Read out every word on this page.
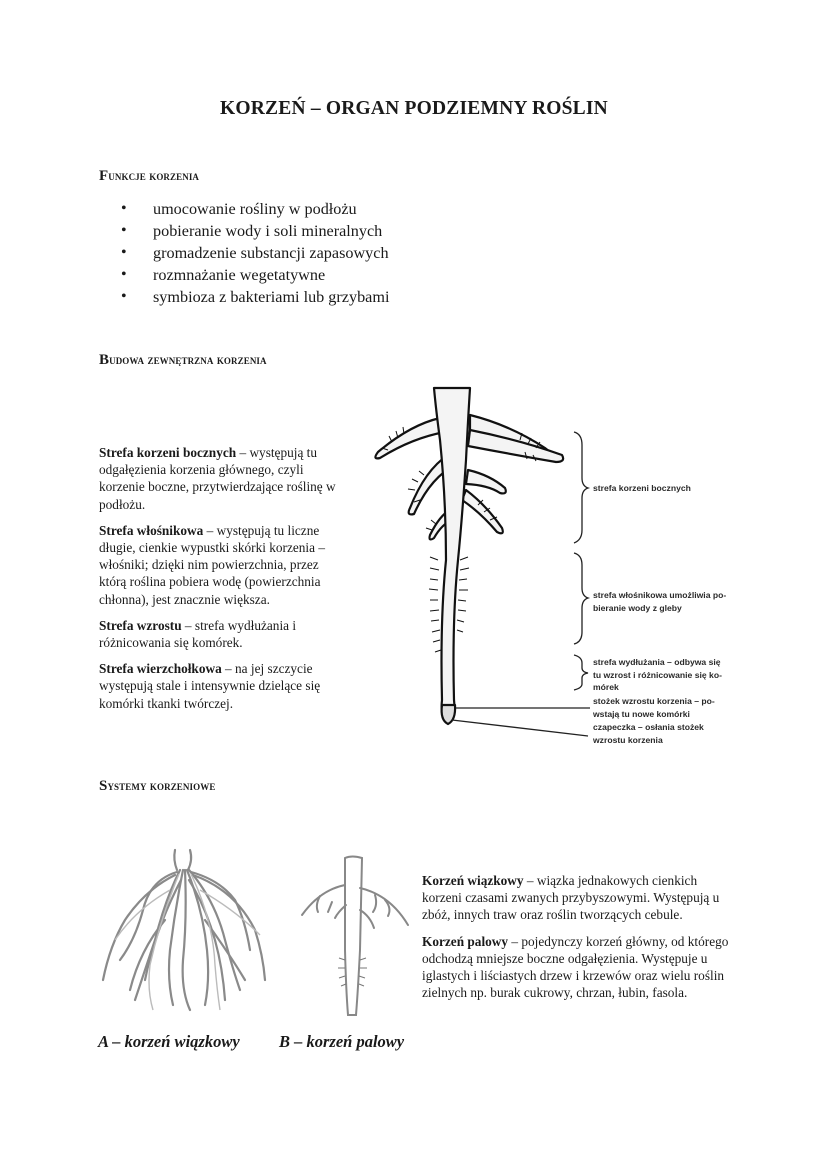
KORZEŃ – ORGAN PODZIEMNY ROŚLIN
Funkcje korzenia
• umocowanie rośliny w podłożu
• pobieranie wody i soli mineralnych
• gromadzenie substancji zapasowych
• rozmnażanie wegetatywne
• symbioza z bakteriami lub grzybami
Budowa zewnętrzna korzenia

Strefa korzeni bocznych – występują tu odgałęzienia korzenia głównego, czyli korzenie boczne, przytwierdzające roślinę w podłożu.

Strefa włośnikowa – występują tu liczne długie, cienkie wypustki skórki korzenia – włośniki; dzięki nim powierzchnia, przez którą roślina pobiera wodę (powierzchnia chłonna), jest znacznie większa.

Strefa wzrostu – strefa wydłużania i różnicowania się komórek.

Strefa wierzchołkowa – na jej szczycie występują stale i intensywnie dzielące się komórki tkanki twórczej.

strefa korzeni bocznych
strefa włośnikowa umożliwia po-
bieranie wody z gleby
strefa wydłużania – odbywa się
tu wzrost i różnicowanie się ko-
mórek
stożek wzrostu korzenia – po-
wstają tu nowe komórki
czapeczka – osłania stożek
wzrostu korzenia
Systemy korzeniowe

Korzeń wiązkowy – wiązka jednakowych cienkich korzeni czasami zwanych przybyszowymi. Występują u zbóż, innych traw oraz roślin tworzących cebule.

Korzeń palowy – pojedynczy korzeń główny, od którego odchodzą mniejsze boczne odgałęzienia. Występuje u iglastych i liściastych drzew i krzewów oraz wielu roślin zielnych np. burak cukrowy, chrzan, łubin, fasola.

A – korzeń wiązkowy B – korzeń palowy
